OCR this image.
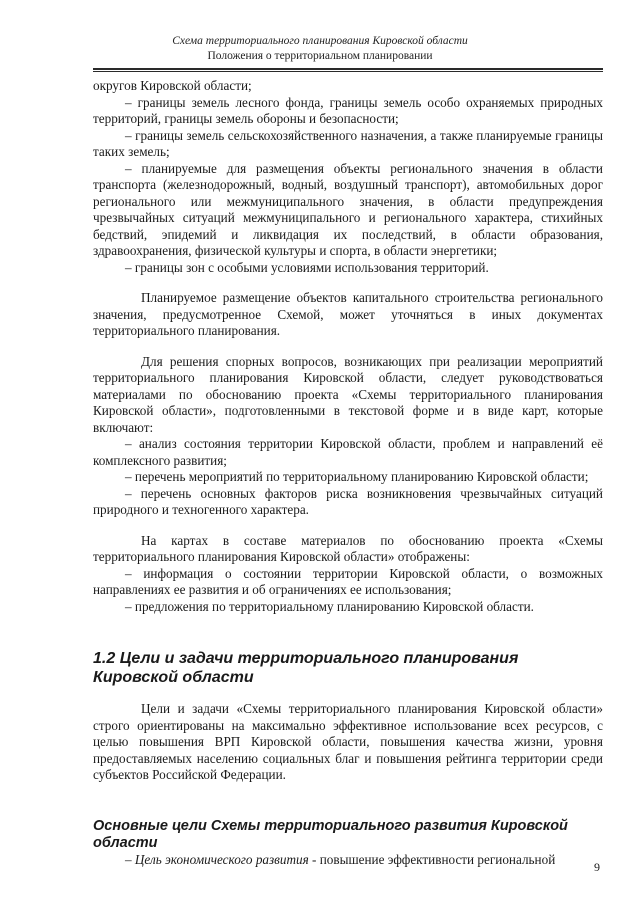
Схема территориального планирования Кировской области
Положения о территориальном планировании

округов Кировской области;

– границы земель лесного фонда, границы земель особо охраняемых природных территорий, границы земель обороны и безопасности;

– границы земель сельскохозяйственного назначения, а также планируемые границы таких земель;

– планируемые для размещения объекты регионального значения в области транспорта (железнодорожный, водный, воздушный транспорт), автомобильных дорог регионального или межмуниципального значения, в области предупреждения чрезвычайных ситуаций межмуниципального и регионального характера, стихийных бедствий, эпидемий и ликвидация их последствий, в области образования, здравоохранения, физической культуры и спорта, в области энергетики;

– границы зон с особыми условиями использования территорий.

Планируемое размещение объектов капитального строительства регионального значения, предусмотренное Схемой, может уточняться в иных документах территориального планирования.

Для решения спорных вопросов, возникающих при реализации мероприятий территориального планирования Кировской области, следует руководствоваться материалами по обоснованию проекта «Схемы территориального планирования Кировской области», подготовленными в текстовой форме и в виде карт, которые включают:

– анализ состояния территории Кировской области, проблем и направлений её комплексного развития;

– перечень мероприятий по территориальному планированию Кировской области;

– перечень основных факторов риска возникновения чрезвычайных ситуаций природного и техногенного характера.

На картах в составе материалов по обоснованию проекта «Схемы территориального планирования Кировской области» отображены:

– информация о состоянии территории Кировской области, о возможных направлениях ее развития и об ограничениях ее использования;

– предложения по территориальному планированию Кировской области.

1.2 Цели и задачи территориального планирования Кировской области

Цели и задачи «Схемы территориального планирования Кировской области» строго ориентированы на максимально эффективное использование всех ресурсов, с целью повышения ВРП Кировской области, повышения качества жизни, уровня предоставляемых населению социальных благ и повышения рейтинга территории среди субъектов Российской Федерации.

Основные цели Схемы территориального развития Кировской области

– Цель экономического развития - повышение эффективности региональной

9
